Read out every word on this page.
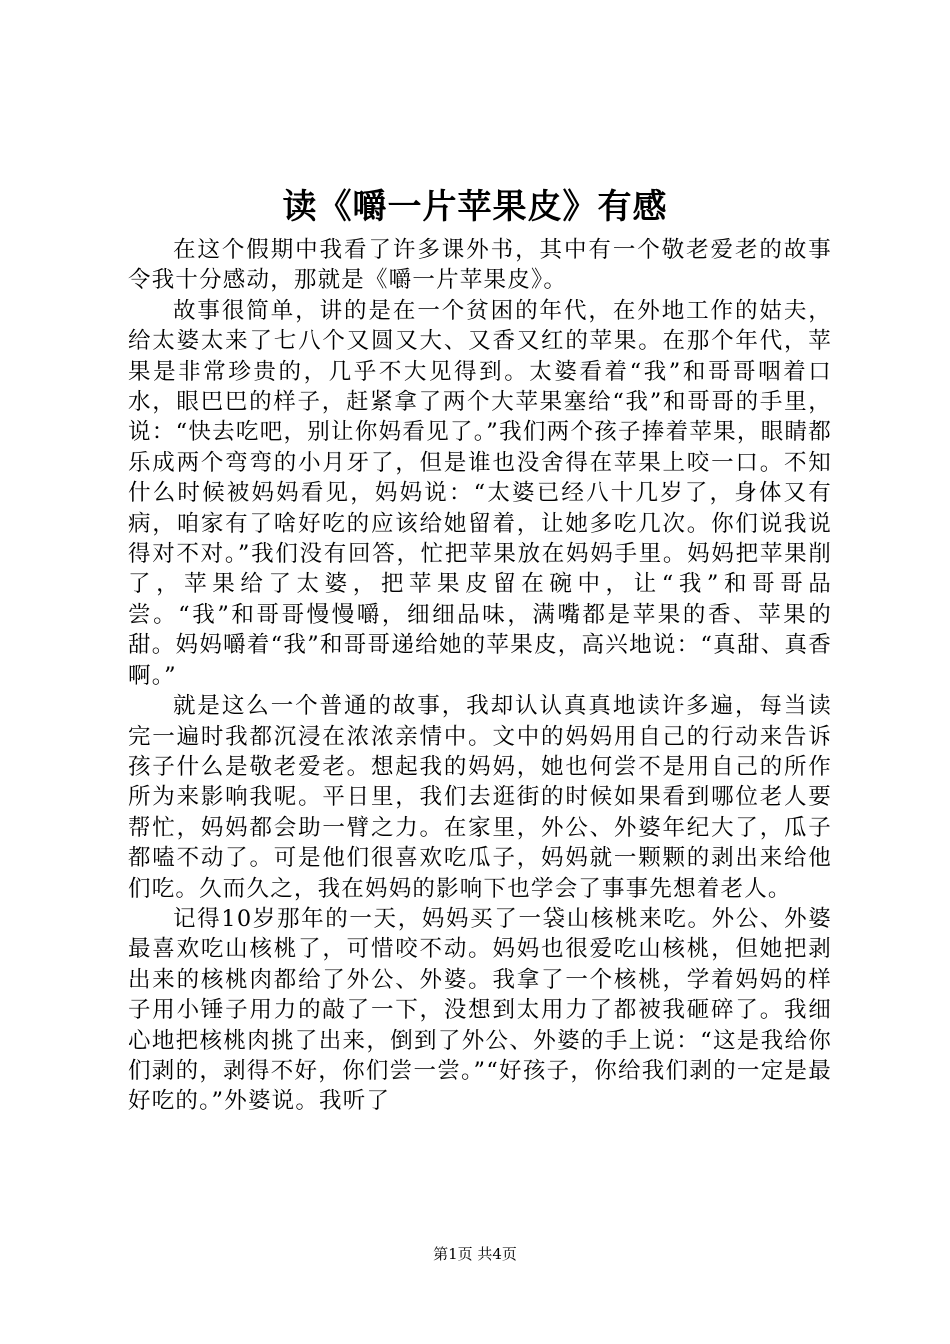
读《嚼一片苹果皮》有感

在这个假期中我看了许多课外书，其中有一个敬老爱老的故事令我十分感动，那就是《嚼一片苹果皮》。

故事很简单，讲的是在一个贫困的年代，在外地工作的姑夫，给太婆太来了七八个又圆又大、又香又红的苹果。在那个年代，苹果是非常珍贵的，几乎不大见得到。太婆看着“我”和哥哥咽着口水，眼巴巴的样子，赶紧拿了两个大苹果塞给“我”和哥哥的手里，说：“快去吃吧，别让你妈看见了。”我们两个孩子捧着苹果，眼睛都乐成两个弯弯的小月牙了，但是谁也没舍得在苹果上咬一口。不知什么时候被妈妈看见，妈妈说：“太婆已经八十几岁了，身体又有病，咱家有了啥好吃的应该给她留着，让她多吃几次。你们说我说得对不对。”我们没有回答，忙把苹果放在妈妈手里。妈妈把苹果削了，苹果给了太婆，把苹果皮留在碗中，让“我”和哥哥品尝。“我”和哥哥慢慢嚼，细细品味，满嘴都是苹果的香、苹果的甜。妈妈嚼着“我”和哥哥递给她的苹果皮，高兴地说：“真甜、真香啊。”

就是这么一个普通的故事，我却认认真真地读许多遍，每当读完一遍时我都沉浸在浓浓亲情中。文中的妈妈用自己的行动来告诉孩子什么是敬老爱老。想起我的妈妈，她也何尝不是用自己的所作所为来影响我呢。平日里，我们去逛街的时候如果看到哪位老人要帮忙，妈妈都会助一臂之力。在家里，外公、外婆年纪大了，瓜子都嗑不动了。可是他们很喜欢吃瓜子，妈妈就一颗颗的剥出来给他们吃。久而久之，我在妈妈的影响下也学会了事事先想着老人。

记得10岁那年的一天，妈妈买了一袋山核桃来吃。外公、外婆最喜欢吃山核桃了，可惜咬不动。妈妈也很爱吃山核桃，但她把剥出来的核桃肉都给了外公、外婆。我拿了一个核桃，学着妈妈的样子用小锤子用力的敲了一下，没想到太用力了都被我砸碎了。我细心地把核桃肉挑了出来，倒到了外公、外婆的手上说：“这是我给你们剥的，剥得不好，你们尝一尝。”“好孩子，你给我们剥的一定是最好吃的。”外婆说。我听了

第1页 共4页
